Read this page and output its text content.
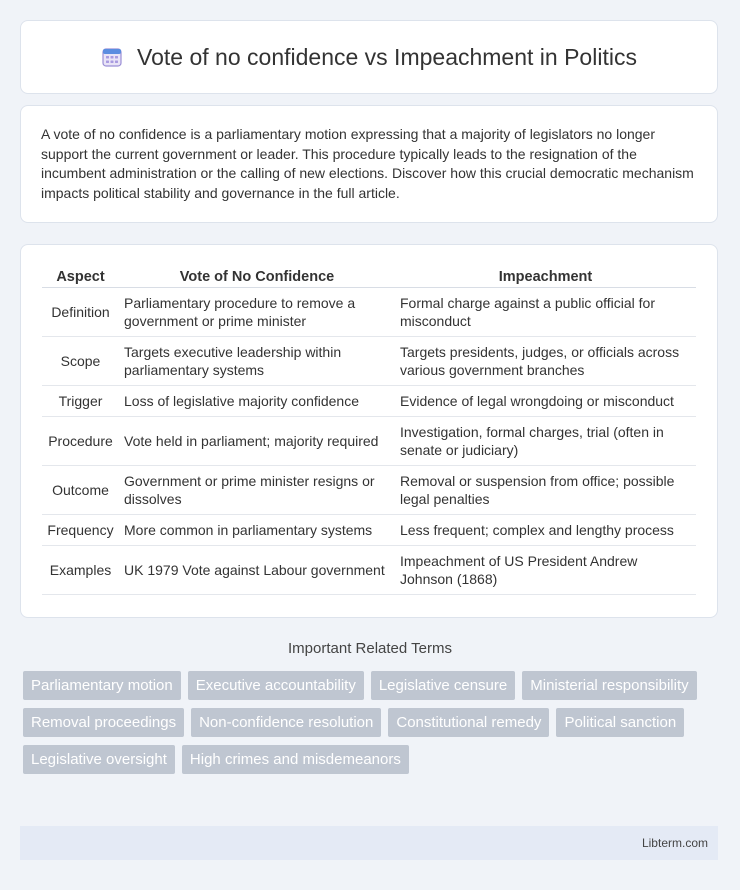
Vote of no confidence vs Impeachment in Politics

A vote of no confidence is a parliamentary motion expressing that a majority of legislators no longer support the current government or leader. This procedure typically leads to the resignation of the incumbent administration or the calling of new elections. Discover how this crucial democratic mechanism impacts political stability and governance in the full article.

Aspect	Vote of No Confidence	Impeachment
Definition	Parliamentary procedure to remove a government or prime minister	Formal charge against a public official for misconduct
Scope	Targets executive leadership within parliamentary systems	Targets presidents, judges, or officials across various government branches
Trigger	Loss of legislative majority confidence	Evidence of legal wrongdoing or misconduct
Procedure	Vote held in parliament; majority required	Investigation, formal charges, trial (often in senate or judiciary)
Outcome	Government or prime minister resigns or dissolves	Removal or suspension from office; possible legal penalties
Frequency	More common in parliamentary systems	Less frequent; complex and lengthy process
Examples	UK 1979 Vote against Labour government	Impeachment of US President Andrew Johnson (1868)
Important Related Terms
Parliamentary motion	Executive accountability	Legislative censure	Ministerial responsibility
Removal proceedings	Non-confidence resolution	Constitutional remedy	Political sanction
Legislative oversight	High crimes and misdemeanors
Libterm.com
